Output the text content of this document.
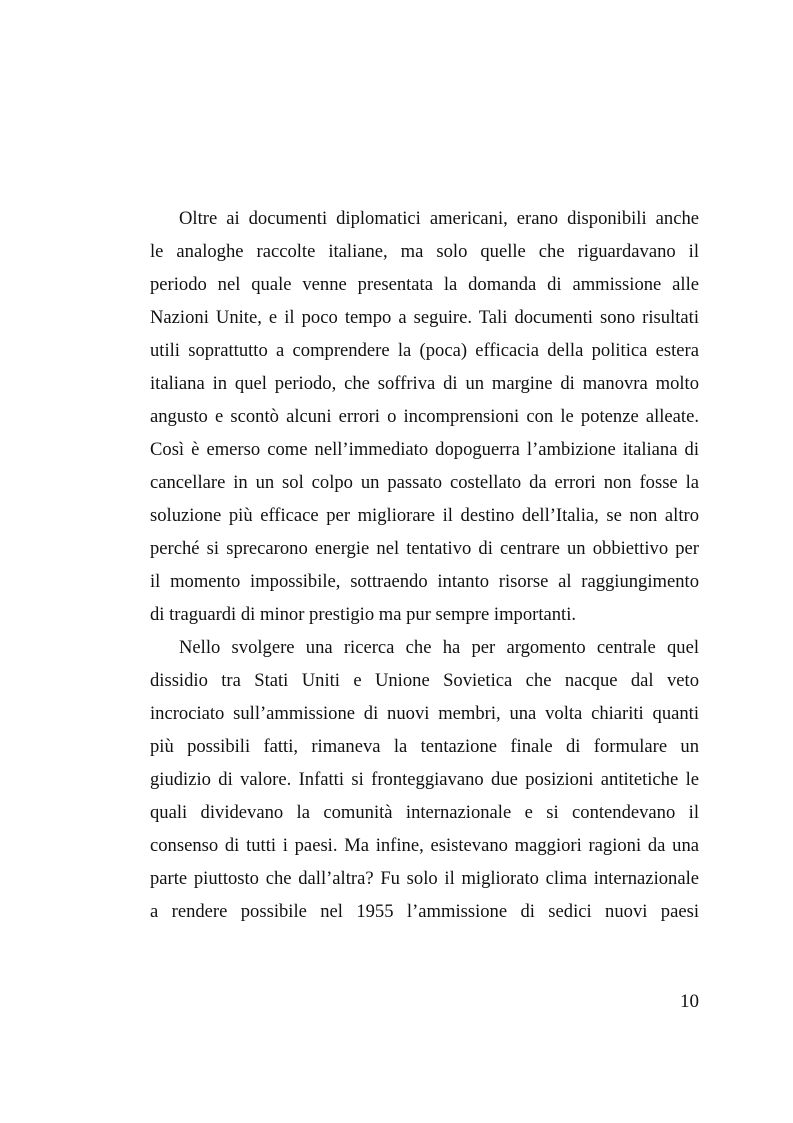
Oltre ai documenti diplomatici americani, erano disponibili anche
le analoghe raccolte italiane, ma solo quelle che riguardavano il
periodo nel quale venne presentata la domanda di ammissione alle
Nazioni Unite, e il poco tempo a seguire. Tali documenti sono risultati
utili soprattutto a comprendere la (poca) efficacia della politica estera
italiana in quel periodo, che soffriva di un margine di manovra molto
angusto e scontò alcuni errori o incomprensioni con le potenze alleate.
Così è emerso come nell’immediato dopoguerra l’ambizione italiana di
cancellare in un sol colpo un passato costellato da errori non fosse la
soluzione più efficace per migliorare il destino dell’Italia, se non altro
perché si sprecarono energie nel tentativo di centrare un obbiettivo per
il momento impossibile, sottraendo intanto risorse al raggiungimento
di traguardi di minor prestigio ma pur sempre importanti.
Nello svolgere una ricerca che ha per argomento centrale quel
dissidio tra Stati Uniti e Unione Sovietica che nacque dal veto
incrociato sull’ammissione di nuovi membri, una volta chiariti quanti
più possibili fatti, rimaneva la tentazione finale di formulare un
giudizio di valore. Infatti si fronteggiavano due posizioni antitetiche le
quali dividevano la comunità internazionale e si contendevano il
consenso di tutti i paesi. Ma infine, esistevano maggiori ragioni da una
parte piuttosto che dall’altra? Fu solo il migliorato clima internazionale
a rendere possibile nel 1955 l’ammissione di sedici nuovi paesi
10
